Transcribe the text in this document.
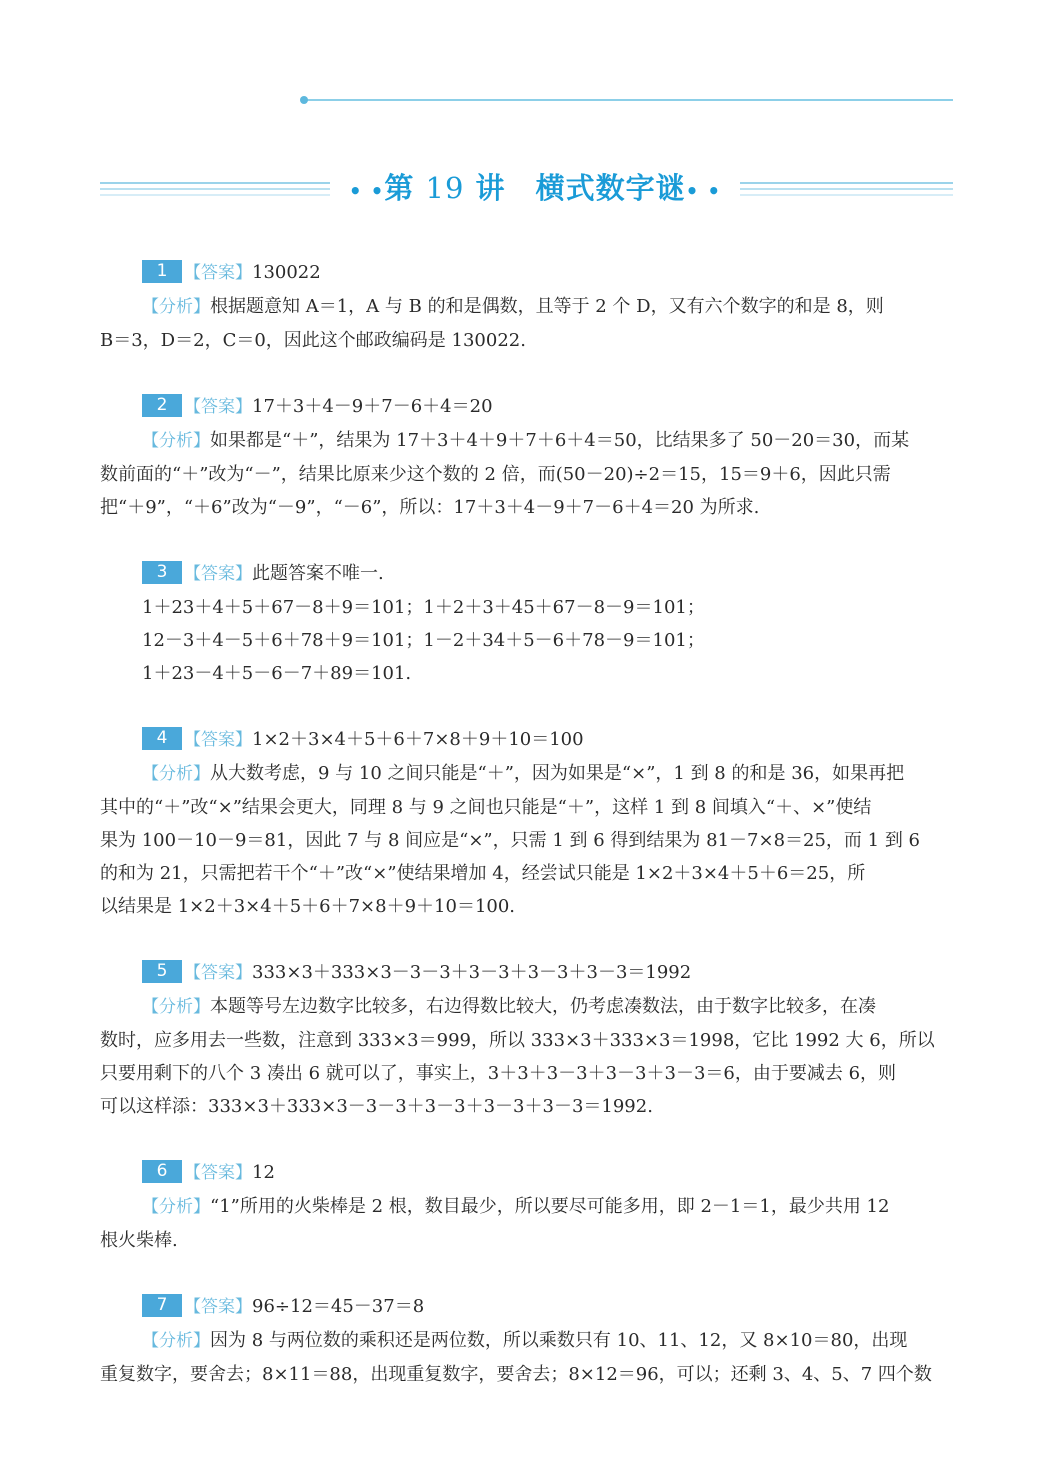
• •第 19 讲 横式数字谜• •
1 【答案】130022
【分析】根据题意知 A＝1，A 与 B 的和是偶数，且等于 2 个 D，又有六个数字的和是 8，则
B＝3，D＝2，C＝0，因此这个邮政编码是 130022.
2 【答案】17＋3＋4－9＋7－6＋4＝20
【分析】如果都是“＋”，结果为 17＋3＋4＋9＋7＋6＋4＝50，比结果多了 50－20＝30，而某
数前面的“＋”改为“－”，结果比原来少这个数的 2 倍，而(50－20)÷2＝15，15＝9＋6，因此只需
把“＋9”，“＋6”改为“－9”，“－6”，所以：17＋3＋4－9＋7－6＋4＝20 为所求.
3 【答案】此题答案不唯一.
1＋23＋4＋5＋67－8＋9＝101；1＋2＋3＋45＋67－8－9＝101；
12－3＋4－5＋6＋78＋9＝101；1－2＋34＋5－6＋78－9＝101；
1＋23－4＋5－6－7＋89＝101.
4 【答案】1×2＋3×4＋5＋6＋7×8＋9＋10＝100
【分析】从大数考虑，9 与 10 之间只能是“＋”，因为如果是“×”，1 到 8 的和是 36，如果再把
其中的“＋”改“×”结果会更大，同理 8 与 9 之间也只能是“＋”，这样 1 到 8 间填入“＋、×”使结
果为 100－10－9＝81，因此 7 与 8 间应是“×”，只需 1 到 6 得到结果为 81－7×8＝25，而 1 到 6
的和为 21，只需把若干个“＋”改“×”使结果增加 4，经尝试只能是 1×2＋3×4＋5＋6＝25，所
以结果是 1×2＋3×4＋5＋6＋7×8＋9＋10＝100.
5 【答案】333×3＋333×3－3－3＋3－3＋3－3＋3－3＝1992
【分析】本题等号左边数字比较多，右边得数比较大，仍考虑凑数法，由于数字比较多，在凑
数时，应多用去一些数，注意到 333×3＝999，所以 333×3＋333×3＝1998，它比 1992 大 6，所以
只要用剩下的八个 3 凑出 6 就可以了，事实上，3＋3＋3－3＋3－3＋3－3＝6，由于要减去 6，则
可以这样添：333×3＋333×3－3－3＋3－3＋3－3＋3－3＝1992.
6 【答案】12
【分析】“1”所用的火柴棒是 2 根，数目最少，所以要尽可能多用，即 2－1＝1，最少共用 12
根火柴棒.
7 【答案】96÷12＝45－37＝8
【分析】因为 8 与两位数的乘积还是两位数，所以乘数只有 10、11、12，又 8×10＝80，出现
重复数字，要舍去；8×11＝88，出现重复数字，要舍去；8×12＝96，可以；还剩 3、4、5、7 四个数
